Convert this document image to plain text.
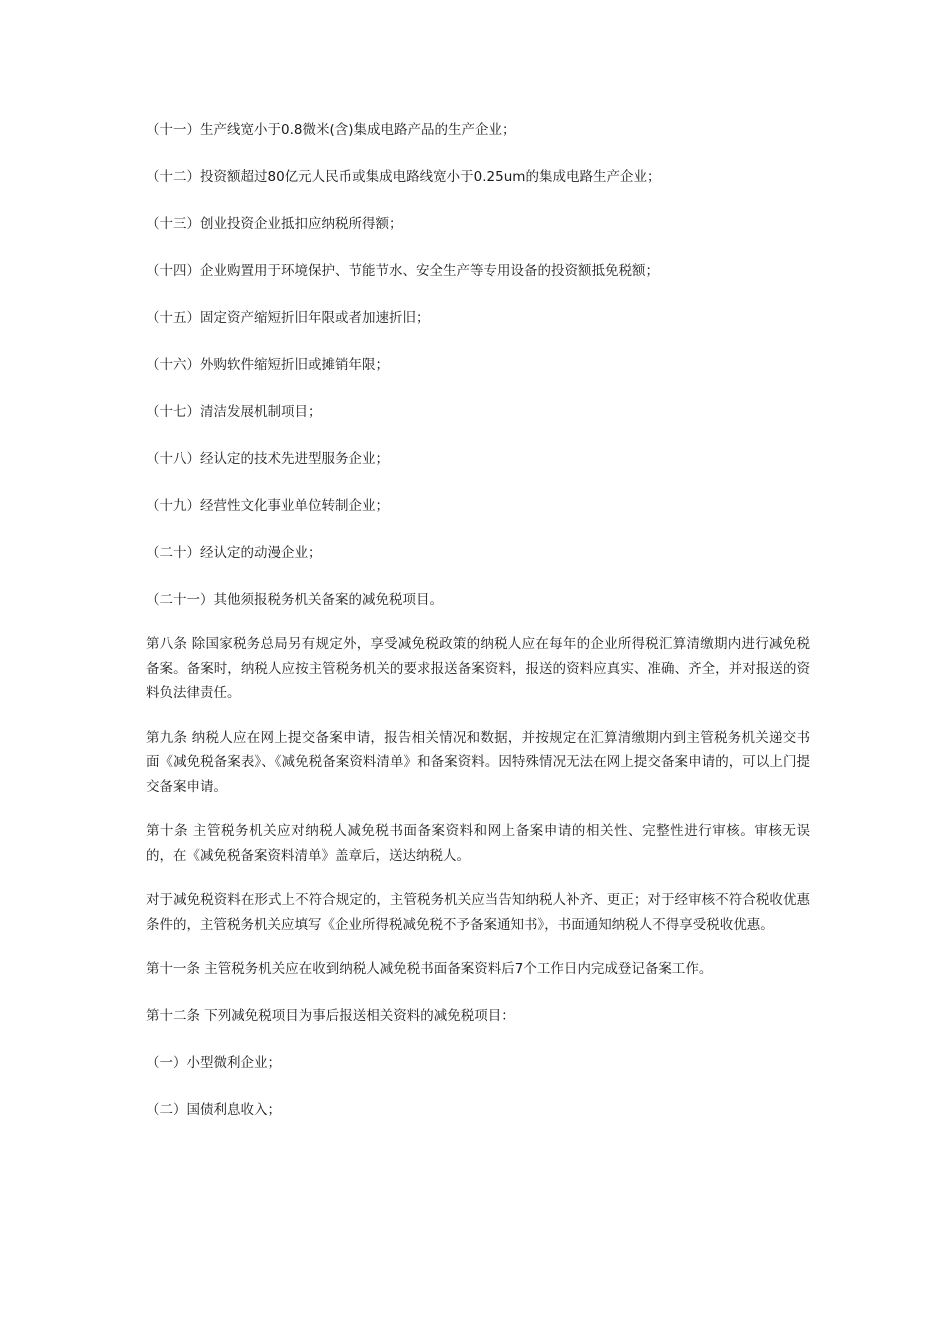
（十一）生产线宽小于0.8微米(含)集成电路产品的生产企业；

（十二）投资额超过80亿元人民币或集成电路线宽小于0.25um的集成电路生产企业；

（十三）创业投资企业抵扣应纳税所得额；

（十四）企业购置用于环境保护、节能节水、安全生产等专用设备的投资额抵免税额；

（十五）固定资产缩短折旧年限或者加速折旧；

（十六）外购软件缩短折旧或摊销年限；

（十七）清洁发展机制项目；

（十八）经认定的技术先进型服务企业；

（十九）经营性文化事业单位转制企业；

（二十）经认定的动漫企业；

（二十一）其他须报税务机关备案的减免税项目。

第八条 除国家税务总局另有规定外，享受减免税政策的纳税人应在每年的企业所得税汇算清缴期内进行减免税备案。备案时，纳税人应按主管税务机关的要求报送备案资料，报送的资料应真实、准确、齐全，并对报送的资料负法律责任。

第九条 纳税人应在网上提交备案申请，报告相关情况和数据，并按规定在汇算清缴期内到主管税务机关递交书面《减免税备案表》、《减免税备案资料清单》和备案资料。因特殊情况无法在网上提交备案申请的，可以上门提交备案申请。

第十条 主管税务机关应对纳税人减免税书面备案资料和网上备案申请的相关性、完整性进行审核。审核无误的，在《减免税备案资料清单》盖章后，送达纳税人。

对于减免税资料在形式上不符合规定的，主管税务机关应当告知纳税人补齐、更正；对于经审核不符合税收优惠条件的，主管税务机关应填写《企业所得税减免税不予备案通知书》，书面通知纳税人不得享受税收优惠。

第十一条 主管税务机关应在收到纳税人减免税书面备案资料后7个工作日内完成登记备案工作。

第十二条 下列减免税项目为事后报送相关资料的减免税项目：

（一）小型微利企业；

（二）国债利息收入；
